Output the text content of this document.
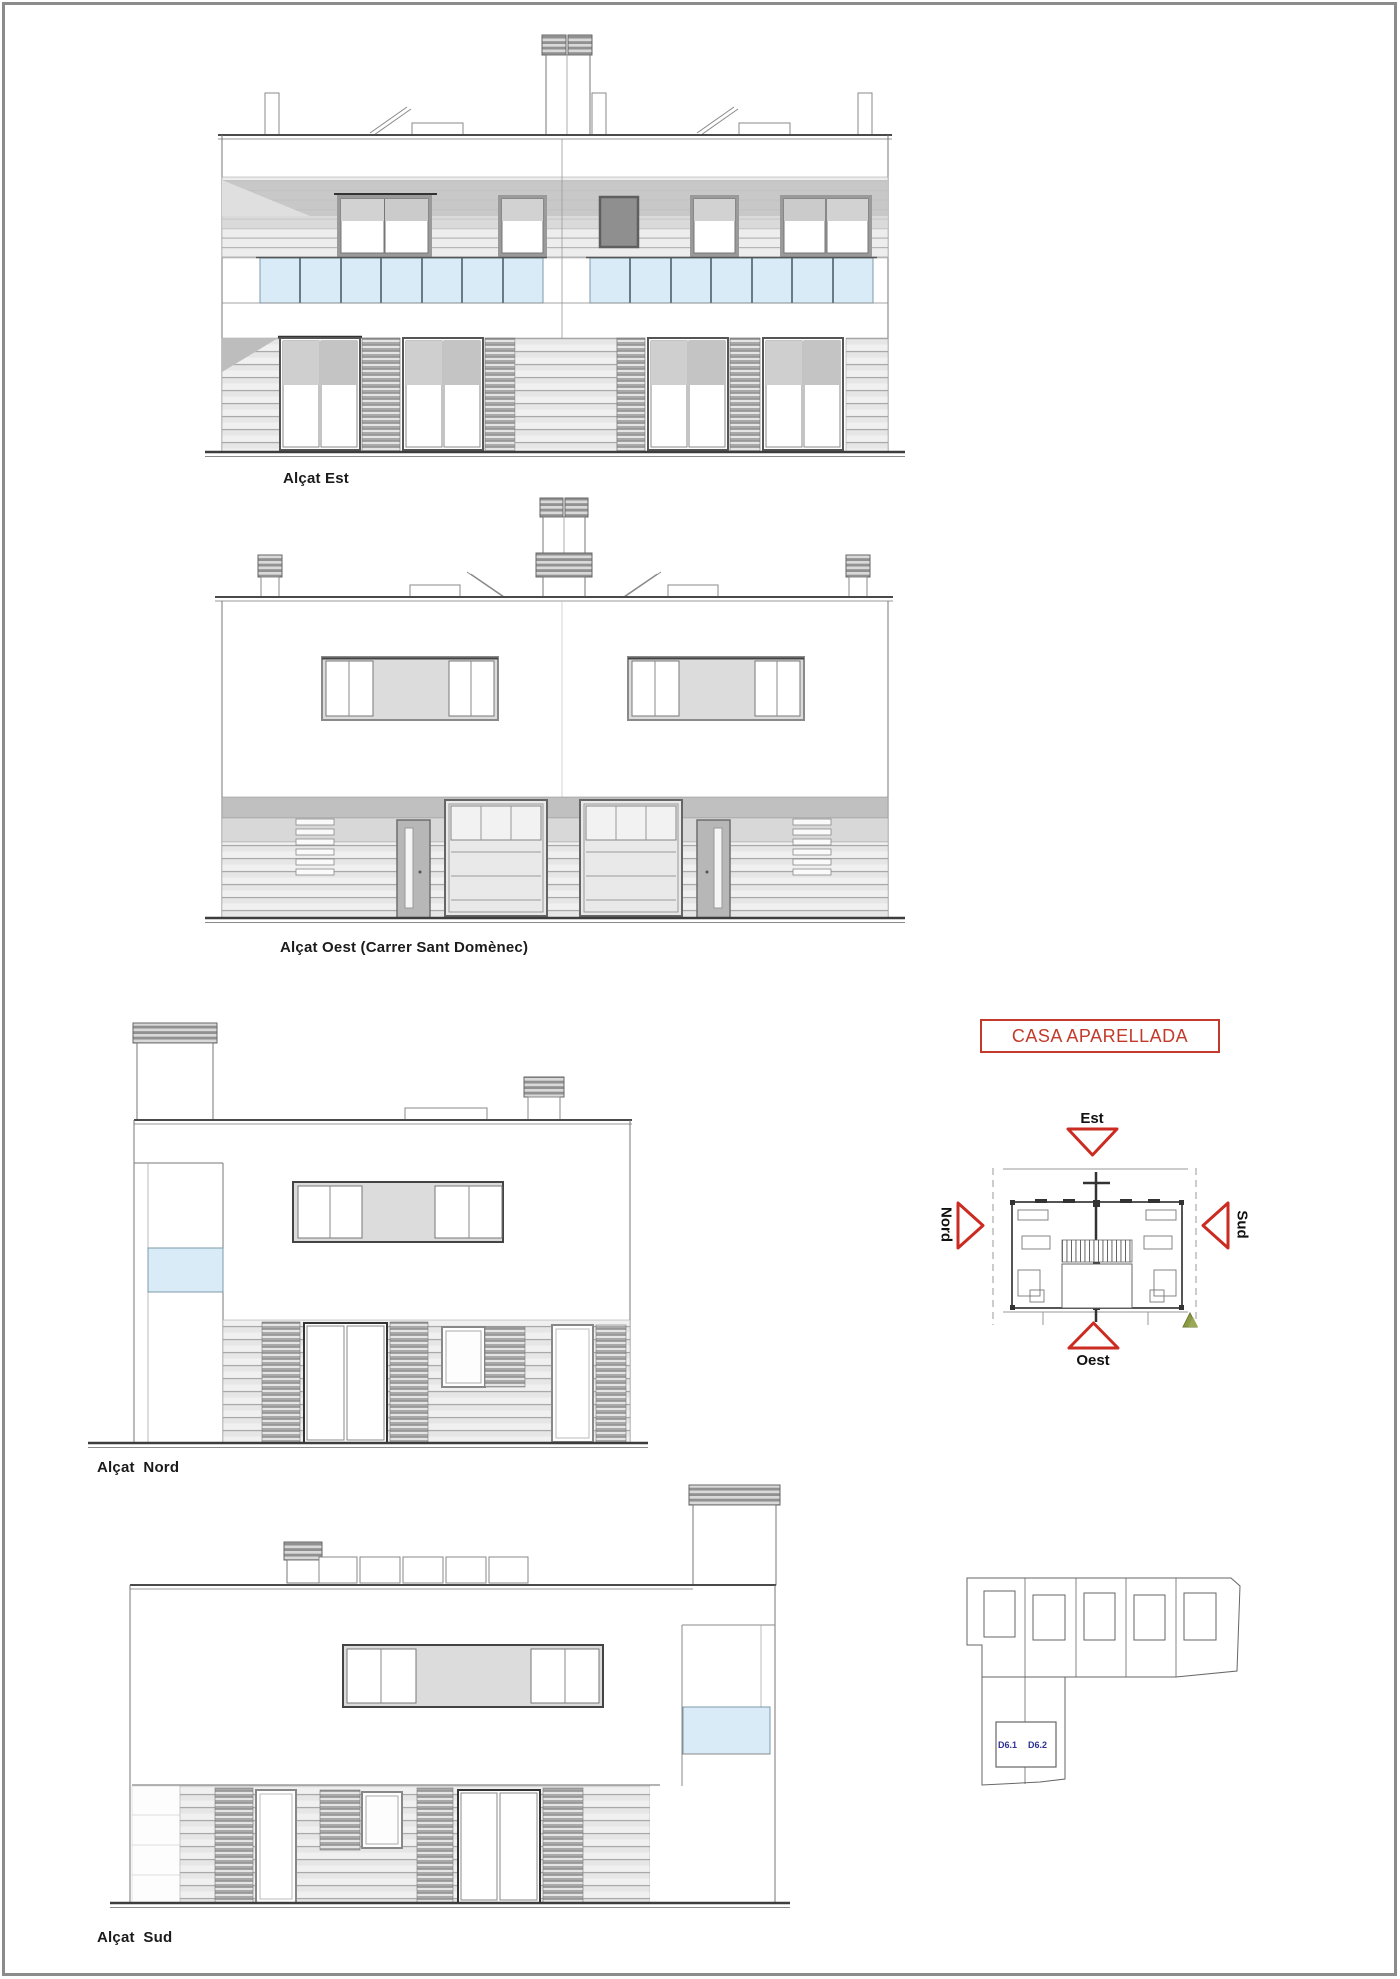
Alçat Est
Alçat Oest (Carrer Sant Domènec)
Alçat  Nord
Alçat  Sud
CASA APARELLADA
Est
Nord	Sud
Oest
D6.1 D6.2
